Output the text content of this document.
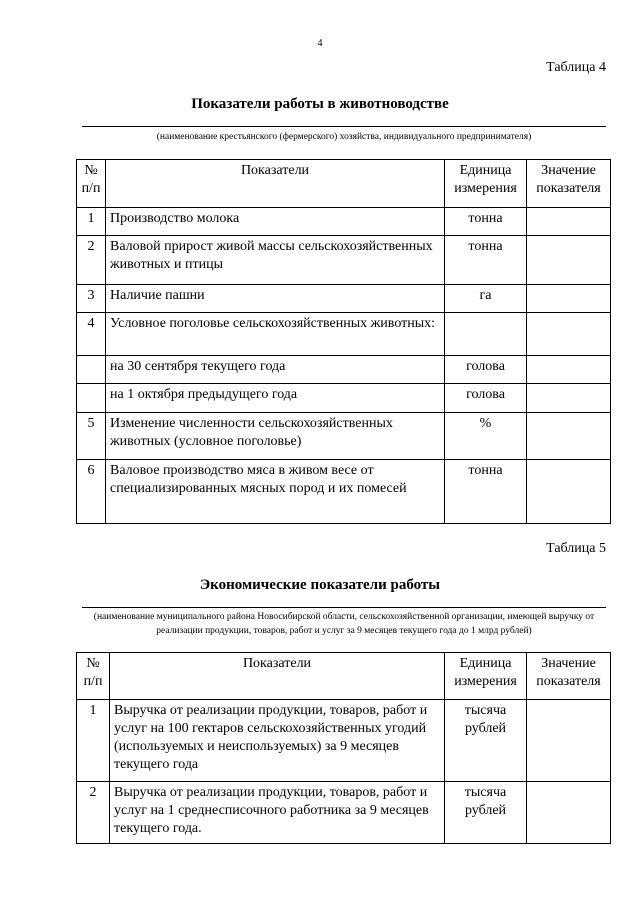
4
Таблица 4
Показатели работы в животноводстве
(наименование крестьянского (фермерского) хозяйства, индивидуального предпринимателя)
№ п/п	Показатели	Единица измерения	Значение показателя
1	Производство молока	тонна	
2	Валовой прирост живой массы сельскохозяйственных животных и птицы	тонна	
3	Наличие пашни	га	
4	Условное поголовье сельскохозяйственных животных:		
	на 30 сентября текущего года	голова	
	на 1 октября предыдущего года	голова	
5	Изменение численности сельскохозяйственных животных (условное поголовье)	%	
6	Валовое производство мяса в живом весе от специализированных мясных пород и их помесей	тонна	
Таблица 5
Экономические показатели работы
(наименование муниципального района Новосибирской области, сельскохозяйственной организации, имеющей выручку от реализации продукции, товаров, работ и услуг за 9 месяцев текущего года до 1 млрд рублей)
№ п/п	Показатели	Единица измерения	Значение показателя
1	Выручка от реализации продукции, товаров, работ и услуг на 100 гектаров сельскохозяйственных угодий (используемых и неиспользуемых) за 9 месяцев текущего года	тысяча рублей	
2	Выручка от реализации продукции, товаров, работ и услуг на 1 среднесписочного работника за 9 месяцев текущего года.	тысяча рублей	
